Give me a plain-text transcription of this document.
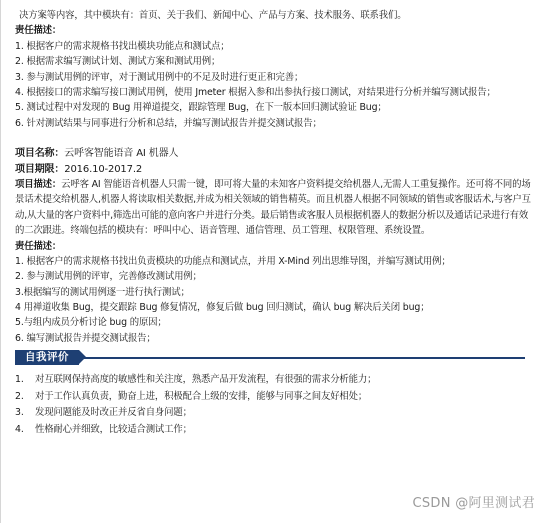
决方案等内容，其中模块有：首页、关于我们、新闻中心、产品与方案、技术服务、联系我们。
责任描述：
1. 根据客户的需求规格书找出模块功能点和测试点；
2. 根据需求编写测试计划、测试方案和测试用例；
3. 参与测试用例的评审，对于测试用例中的不足及时进行更正和完善；
4. 根据接口的需求编写接口测试用例，使用 Jmeter 根据入参和出参执行接口测试，对结果进行分析并编写测试报告；
5. 测试过程中对发现的 Bug 用禅道提交，跟踪管理 Bug，在下一版本回归测试验证 Bug；
6. 针对测试结果与同事进行分析和总结，并编写测试报告并提交测试报告；
项目名称：云呼客智能语音 AI 机器人
项目期限：2016.10-2017.2
项目描述：云呼客 AI 智能语音机器人只需一键，即可将大量的未知客户资料提交给机器人,无需人工重复操作。还可将不同的场景话术提交给机器人,机器人将读取相关数据,并成为相关领域的销售精英。而且机器人根据不同领域的销售或客服话术,与客户互动,从大量的客户资料中,筛选出可能的意向客户并进行分类。最后销售或客服人员根据机器人的数据分析以及通话记录进行有效的二次跟进。终端包括的模块有：呼叫中心、语音管理、通信管理、员工管理、权限管理、系统设置。
责任描述：
1. 根据客户的需求规格书找出负责模块的功能点和测试点，并用 X-Mind 列出思维导图，并编写测试用例；
2. 参与测试用例的评审，完善修改测试用例；
3.根据编写的测试用例逐一进行执行测试；
4 用禅道收集 Bug，提交跟踪 Bug 修复情况，修复后做 bug 回归测试，确认 bug 解决后关闭 bug；
5.与组内成员分析讨论 bug 的原因；
6. 编写测试报告并提交测试报告；
自我评价
1.	对互联网保持高度的敏感性和关注度，熟悉产品开发流程，有很强的需求分析能力；
2.	对于工作认真负责，勤奋上进，积极配合上级的安排，能够与同事之间友好相处；
3.	发现问题能及时改正并反省自身问题；
4.	性格耐心并细致，比较适合测试工作；
CSDN @阿里测试君
